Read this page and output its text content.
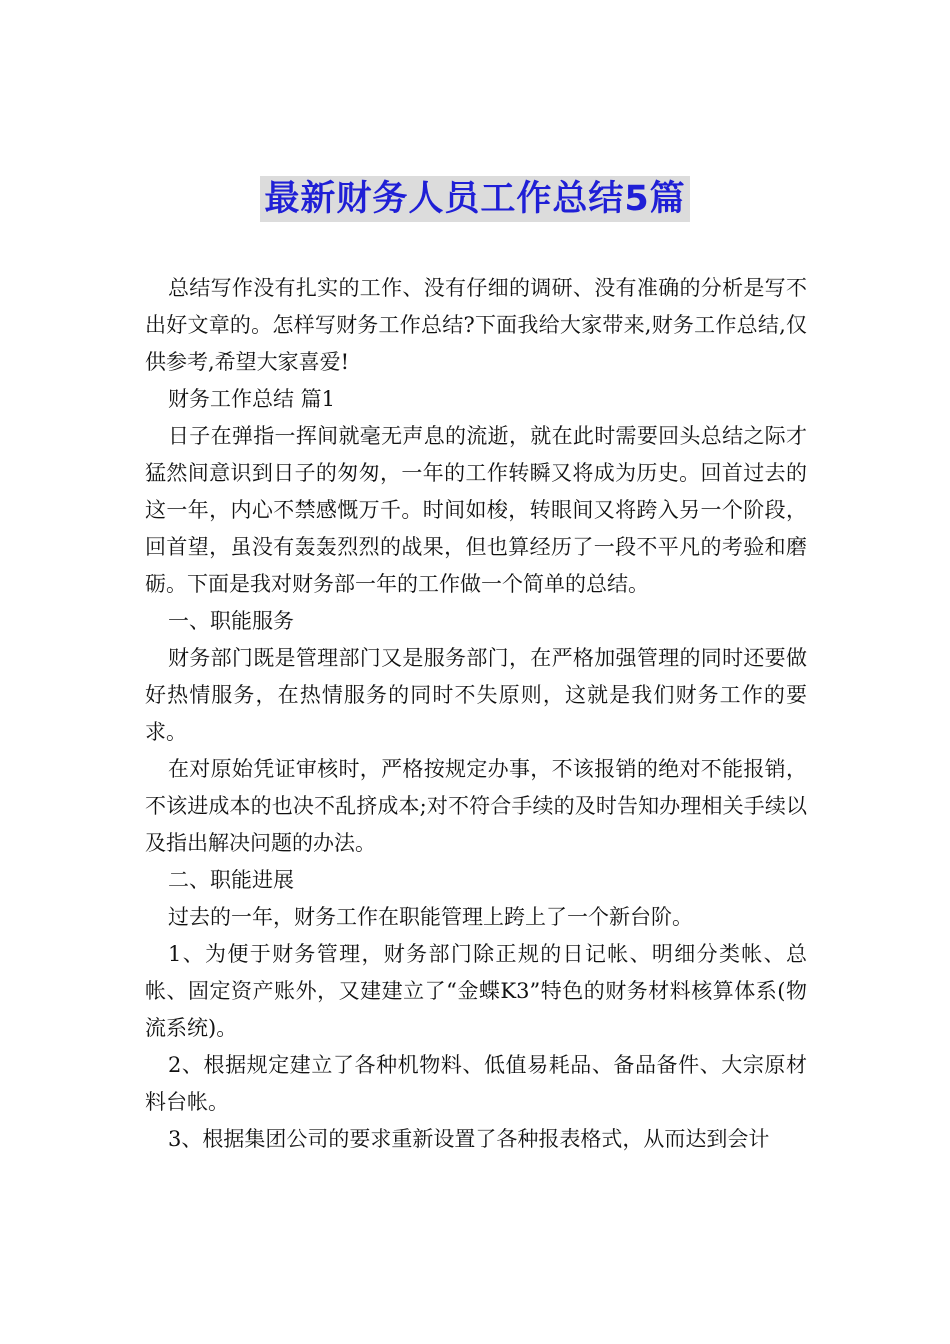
最新财务人员工作总结5篇

总结写作没有扎实的工作、没有仔细的调研、没有准确的分析是写不出好文章的。怎样写财务工作总结?下面我给大家带来,财务工作总结,仅供参考,希望大家喜爱!

财务工作总结 篇1

日子在弹指一挥间就毫无声息的流逝，就在此时需要回头总结之际才猛然间意识到日子的匆匆，一年的工作转瞬又将成为历史。回首过去的这一年，内心不禁感慨万千。时间如梭，转眼间又将跨入另一个阶段，回首望，虽没有轰轰烈烈的战果，但也算经历了一段不平凡的考验和磨砺。下面是我对财务部一年的工作做一个简单的总结。

一、职能服务

财务部门既是管理部门又是服务部门，在严格加强管理的同时还要做好热情服务，在热情服务的同时不失原则，这就是我们财务工作的要求。

在对原始凭证审核时，严格按规定办事，不该报销的绝对不能报销，不该进成本的也决不乱挤成本;对不符合手续的及时告知办理相关手续以及指出解决问题的办法。

二、职能进展

过去的一年，财务工作在职能管理上跨上了一个新台阶。

1、为便于财务管理，财务部门除正规的日记帐、明细分类帐、总帐、固定资产账外，又建建立了“金蝶K3”特色的财务材料核算体系(物流系统)。

2、根据规定建立了各种机物料、低值易耗品、备品备件、大宗原材料台帐。

3、根据集团公司的要求重新设置了各种报表格式，从而达到会计
